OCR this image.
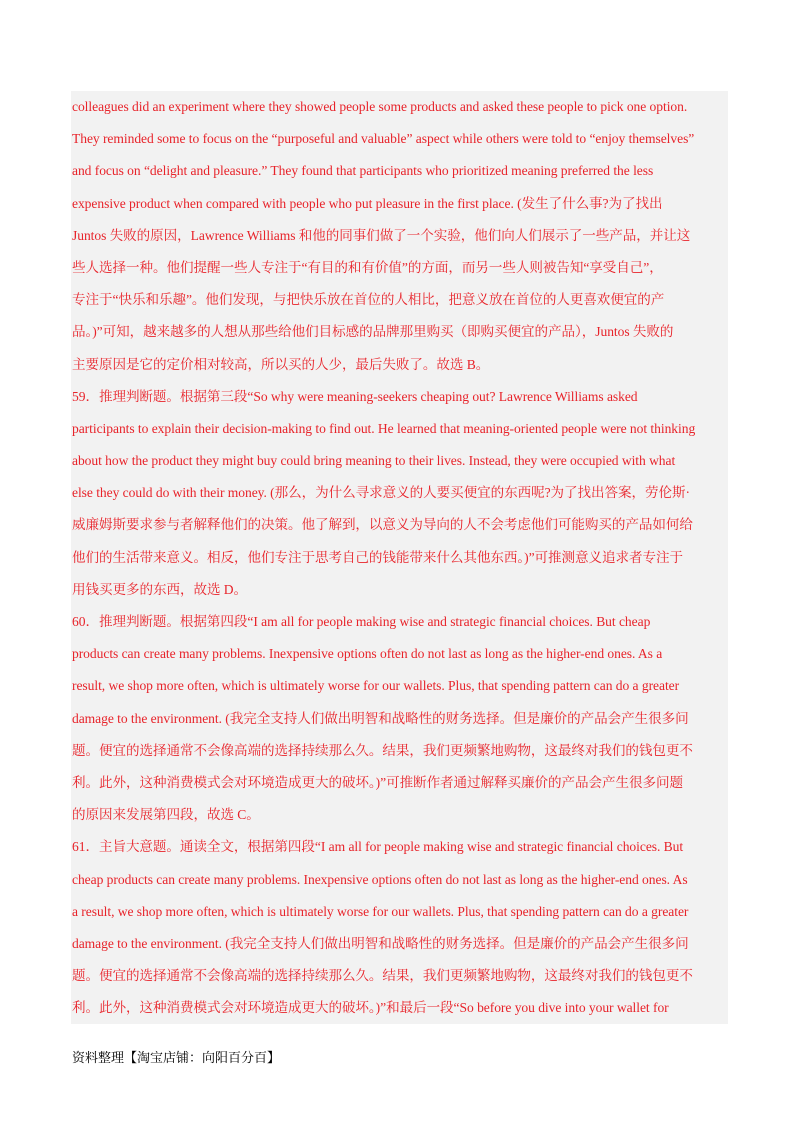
colleagues did an experiment where they showed people some products and asked these people to pick one option.
They reminded some to focus on the “purposeful and valuable” aspect while others were told to “enjoy themselves”
and focus on “delight and pleasure.” They found that participants who prioritized meaning preferred the less
expensive product when compared with people who put pleasure in the first place. (发生了什么事?为了找出
Juntos 失败的原因，Lawrence Williams 和他的同事们做了一个实验，他们向人们展示了一些产品，并让这
些人选择一种。他们提醒一些人专注于“有目的和有价值”的方面，而另一些人则被告知“享受自己”，
专注于“快乐和乐趣”。他们发现，与把快乐放在首位的人相比，把意义放在首位的人更喜欢便宜的产
品。)”可知，越来越多的人想从那些给他们目标感的品牌那里购买（即购买便宜的产品），Juntos 失败的
主要原因是它的定价相对较高，所以买的人少，最后失败了。故选 B。
59．推理判断题。根据第三段“So why were meaning-seekers cheaping out? Lawrence Williams asked
participants to explain their decision-making to find out. He learned that meaning-oriented people were not thinking
about how the product they might buy could bring meaning to their lives. Instead, they were occupied with what
else they could do with their money. (那么，为什么寻求意义的人要买便宜的东西呢?为了找出答案，劳伦斯·
威廉姆斯要求参与者解释他们的决策。他了解到，以意义为导向的人不会考虑他们可能购买的产品如何给
他们的生活带来意义。相反，他们专注于思考自己的钱能带来什么其他东西。)”可推测意义追求者专注于
用钱买更多的东西，故选 D。
60．推理判断题。根据第四段“I am all for people making wise and strategic financial choices. But cheap
products can create many problems. Inexpensive options often do not last as long as the higher-end ones. As a
result, we shop more often, which is ultimately worse for our wallets. Plus, that spending pattern can do a greater
damage to the environment. (我完全支持人们做出明智和战略性的财务选择。但是廉价的产品会产生很多问
题。便宜的选择通常不会像高端的选择持续那么久。结果，我们更频繁地购物，这最终对我们的钱包更不
利。此外，这种消费模式会对环境造成更大的破坏。)”可推断作者通过解释买廉价的产品会产生很多问题
的原因来发展第四段，故选 C。
61．主旨大意题。通读全文，根据第四段“I am all for people making wise and strategic financial choices. But
cheap products can create many problems. Inexpensive options often do not last as long as the higher-end ones. As
a result, we shop more often, which is ultimately worse for our wallets. Plus, that spending pattern can do a greater
damage to the environment. (我完全支持人们做出明智和战略性的财务选择。但是廉价的产品会产生很多问
题。便宜的选择通常不会像高端的选择持续那么久。结果，我们更频繁地购物，这最终对我们的钱包更不
利。此外，这种消费模式会对环境造成更大的破坏。)”和最后一段“So before you dive into your wallet for
资料整理【淘宝店铺：向阳百分百】
